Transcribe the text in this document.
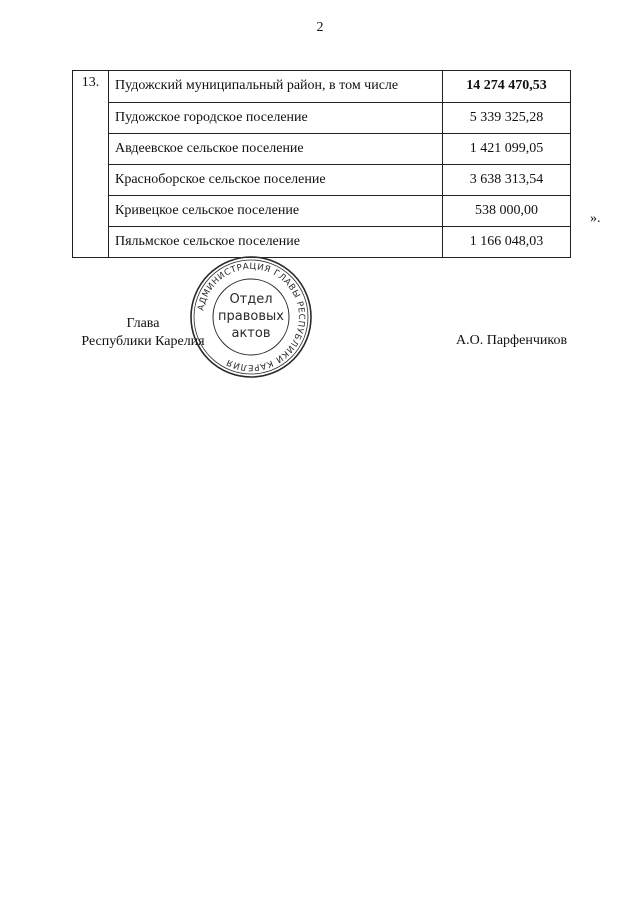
2
13.	Пудожский муниципальный район, в том числе	14 274 470,53
	Пудожское городское поселение	5 339 325,28
	Авдеевское сельское поселение	1 421 099,05
	Красноборское сельское поселение	3 638 313,54
	Кривецкое сельское поселение	538 000,00
	Пяльмское сельское поселение	1 166 048,03
».
Глава
Республики Карелия
АДМИНИСТРАЦИЯ ГЛАВЫ РЕСПУБЛИКИ КАРЕЛИЯ
Отдел
правовых
актов	А.О. Парфенчиков
